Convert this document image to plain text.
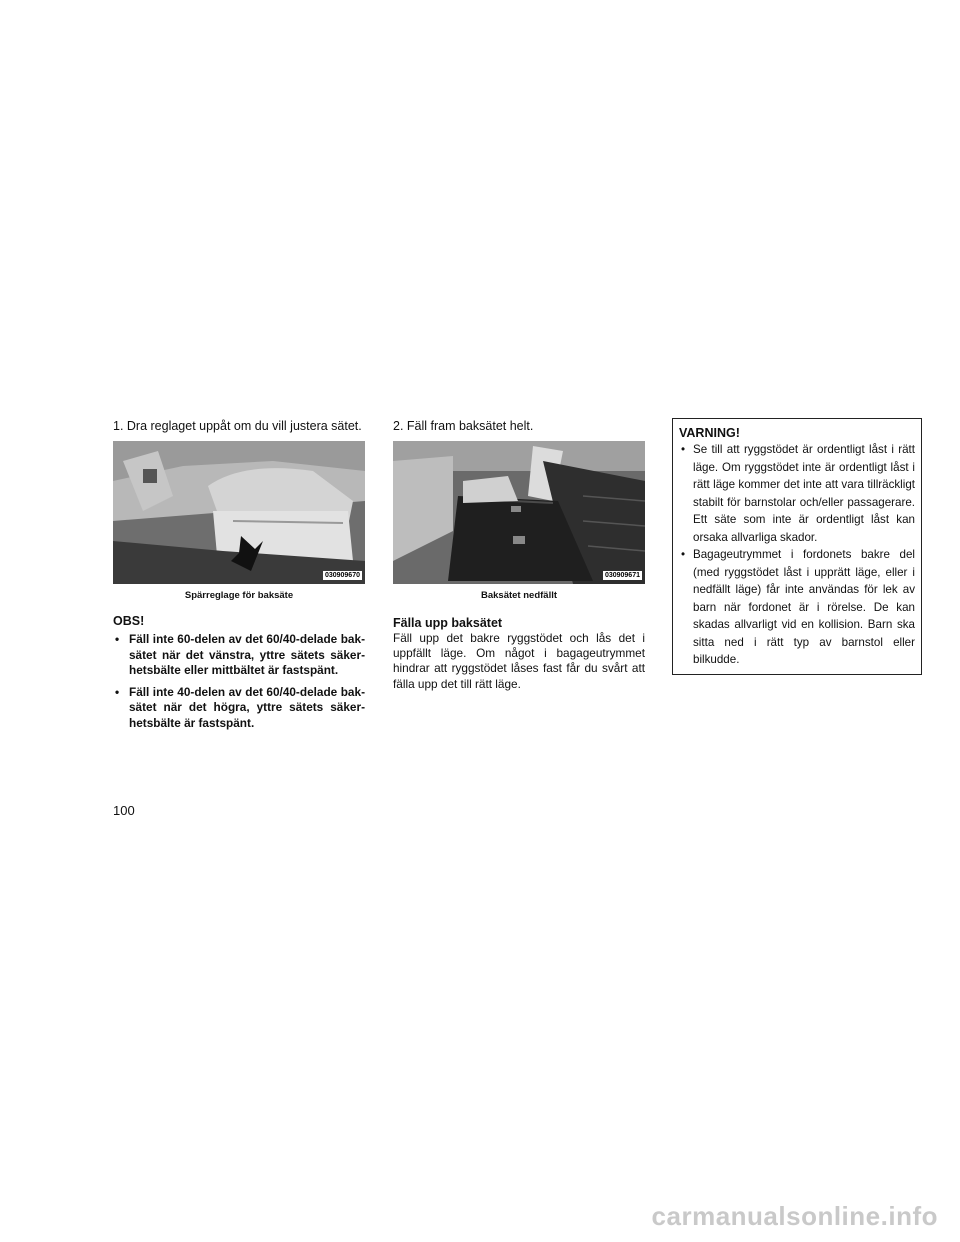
1. Dra reglaget uppåt om du vill justera sätet.

030909670

Spärreglage för baksäte

OBS!

• Fäll inte 60-delen av det 60/40-delade baksätet när det vänstra, yttre sätets säkerhetsbälte eller mittbältet är fastspänt.
• Fäll inte 40-delen av det 60/40-delade baksätet när det högra, yttre sätets säkerhetsbälte är fastspänt.

2. Fäll fram baksätet helt.

030909671

Baksätet nedfällt

Fälla upp baksätet

Fäll upp det bakre ryggstödet och lås det i uppfällt läge. Om något i bagageutrymmet hindrar att ryggstödet låses fast får du svårt att fälla upp det till rätt läge.

VARNING!

• Se till att ryggstödet är ordentligt låst i rätt läge. Om ryggstödet inte är ordentligt låst i rätt läge kommer det inte att vara tillräckligt stabilt för barnstolar och/eller passagerare. Ett säte som inte är ordentligt låst kan orsaka allvarliga skador.
• Bagageutrymmet i fordonets bakre del (med ryggstödet låst i upprätt läge, eller i nedfällt läge) får inte användas för lek av barn när fordonet är i rörelse. De kan skadas allvarligt vid en kollision. Barn ska sitta ned i rätt typ av barnstol eller bilkudde.
100
carmanualsonline.info
